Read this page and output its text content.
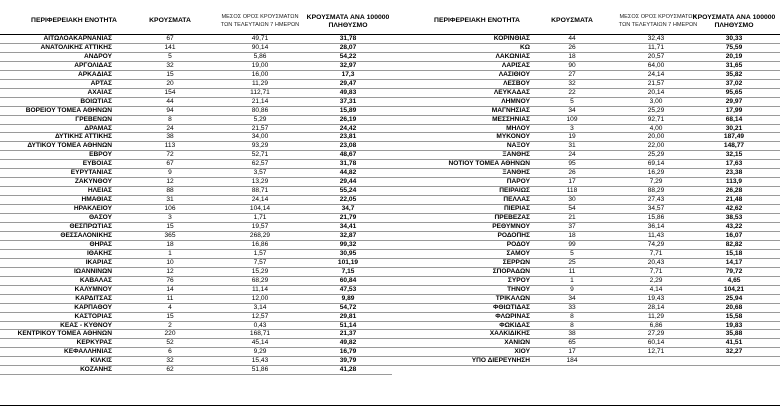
ΠΕΡΙΦΕΡΕΙΑΚΗ ΕΝΟΤΗΤΑ	ΚΡΟΥΣΜΑΤΑ	ΜΕΣΟΣ ΟΡΟΣ ΚΡΟΥΣΜΑΤΩΝ
ΤΩΝ ΤΕΛΕΥΤΑΙΩΝ 7 ΗΜΕΡΩΝ
ΚΡΟΥΣΜΑΤΑ ΑΝΑ 100000
ΠΛΗΘΥΣΜΟ
ΑΙΤΩΛΟΑΚΑΡΝΑΝΙΑΣ	67	49,71	31,78
ΑΝΑΤΟΛΙΚΗΣ ΑΤΤΙΚΗΣ	141	90,14	28,07
ΑΝΔΡΟΥ	5	5,86	54,22
ΑΡΓΟΛΙΔΑΣ	32	19,00	32,97
ΑΡΚΑΔΙΑΣ	15	16,00	17,3
ΑΡΤΑΣ	20	11,29	29,47
ΑΧΑΪΑΣ	154	112,71	49,83
ΒΟΙΩΤΙΑΣ	44	21,14	37,31
ΒΟΡΕΙΟΥ ΤΟΜΕΑ ΑΘΗΝΩΝ	94	80,86	15,89
ΓΡΕΒΕΝΩΝ	8	5,29	26,19
ΔΡΑΜΑΣ	24	21,57	24,42
ΔΥΤΙΚΗΣ ΑΤΤΙΚΗΣ	38	34,00	23,81
ΔΥΤΙΚΟΥ ΤΟΜΕΑ ΑΘΗΝΩΝ	113	93,29	23,08
ΕΒΡΟΥ	72	52,71	48,67
ΕΥΒΟΙΑΣ	67	62,57	31,78
ΕΥΡΥΤΑΝΙΑΣ	9	3,57	44,82
ΖΑΚΥΝΘΟΥ	12	13,29	29,44
ΗΛΕΙΑΣ	88	88,71	55,24
ΗΜΑΘΙΑΣ	31	24,14	22,05
ΗΡΑΚΛΕΙΟΥ	106	104,14	34,7
ΘΑΣΟΥ	3	1,71	21,79
ΘΕΣΠΡΩΤΙΑΣ	15	19,57	34,41
ΘΕΣΣΑΛΟΝΙΚΗΣ	365	268,29	32,87
ΘΗΡΑΣ	18	16,86	99,32
ΙΘΑΚΗΣ	1	1,57	30,95
ΙΚΑΡΙΑΣ	10	7,57	101,19
ΙΩΑΝΝΙΝΩΝ	12	15,29	7,15
ΚΑΒΑΛΑΣ	76	68,29	60,84
ΚΑΛΥΜΝΟΥ	14	11,14	47,53
ΚΑΡΔΙΤΣΑΣ	11	12,00	9,89
ΚΑΡΠΑΘΟΥ	4	3,14	54,72
ΚΑΣΤΟΡΙΑΣ	15	12,57	29,81
ΚΕΑΣ - ΚΥΘΝΟΥ	2	0,43	51,14
ΚΕΝΤΡΙΚΟΥ ΤΟΜΕΑ ΑΘΗΝΩΝ	220	168,71	21,37
ΚΕΡΚΥΡΑΣ	52	45,14	49,82
ΚΕΦΑΛΛΗΝΙΑΣ	6	9,29	16,79
ΚΙΛΚΙΣ	32	15,43	39,79
ΚΟΖΑΝΗΣ	62	51,86	41,28
ΠΕΡΙΦΕΡΕΙΑΚΗ ΕΝΟΤΗΤΑ	ΚΡΟΥΣΜΑΤΑ	ΜΕΣΟΣ ΟΡΟΣ ΚΡΟΥΣΜΑΤΩΝ
ΤΩΝ ΤΕΛΕΥΤΑΙΩΝ 7 ΗΜΕΡΩΝ
ΚΡΟΥΣΜΑΤΑ ΑΝΑ 100000
ΠΛΗΘΥΣΜΟ
ΚΟΡΙΝΘΙΑΣ	44	32,43	30,33
ΚΩ	26	11,71	75,59
ΛΑΚΩΝΙΑΣ	18	20,57	20,19
ΛΑΡΙΣΑΣ	90	64,00	31,65
ΛΑΣΙΘΙΟΥ	27	24,14	35,82
ΛΕΣΒΟΥ	32	21,57	37,02
ΛΕΥΚΑΔΑΣ	22	20,14	95,65
ΛΗΜΝΟΥ	5	3,00	29,97
ΜΑΓΝΗΣΙΑΣ	34	25,29	17,99
ΜΕΣΣΗΝΙΑΣ	109	92,71	68,14
ΜΗΛΟΥ	3	4,00	30,21
ΜΥΚΟΝΟΥ	19	20,00	187,49
ΝΑΞΟΥ	31	22,00	148,77
ΞΑΝΘΗΣ	24	25,29	32,15
ΝΟΤΙΟΥ ΤΟΜΕΑ ΑΘΗΝΩΝ	95	69,14	17,63
ΞΑΝΘΗΣ	26	16,29	23,38
ΠΑΡΟΥ	17	7,29	113,9
ΠΕΙΡΑΙΩΣ	118	88,29	26,28
ΠΕΛΛΑΣ	30	27,43	21,48
ΠΙΕΡΙΑΣ	54	34,57	42,62
ΠΡΕΒΕΖΑΣ	21	15,86	38,53
ΡΕΘΥΜΝΟΥ	37	36,14	43,22
ΡΟΔΟΠΗΣ	18	11,43	16,07
ΡΟΔΟΥ	99	74,29	82,82
ΣΑΜΟΥ	5	7,71	15,18
ΣΕΡΡΩΝ	25	20,43	14,17
ΣΠΟΡΑΔΩΝ	11	7,71	79,72
ΣΥΡΟΥ	1	2,29	4,65
ΤΗΝΟΥ	9	4,14	104,21
ΤΡΙΚΑΛΩΝ	34	19,43	25,94
ΦΘΙΩΤΙΔΑΣ	33	28,14	20,68
ΦΛΩΡΙΝΑΣ	8	11,29	15,58
ΦΩΚΙΔΑΣ	8	6,86	19,83
ΧΑΛΚΙΔΙΚΗΣ	38	27,29	35,88
ΧΑΝΙΩΝ	65	60,14	41,51
ΧΙΟΥ	17	12,71	32,27
ΥΠΟ ΔΙΕΡΕΥΝΗΣΗ	184
